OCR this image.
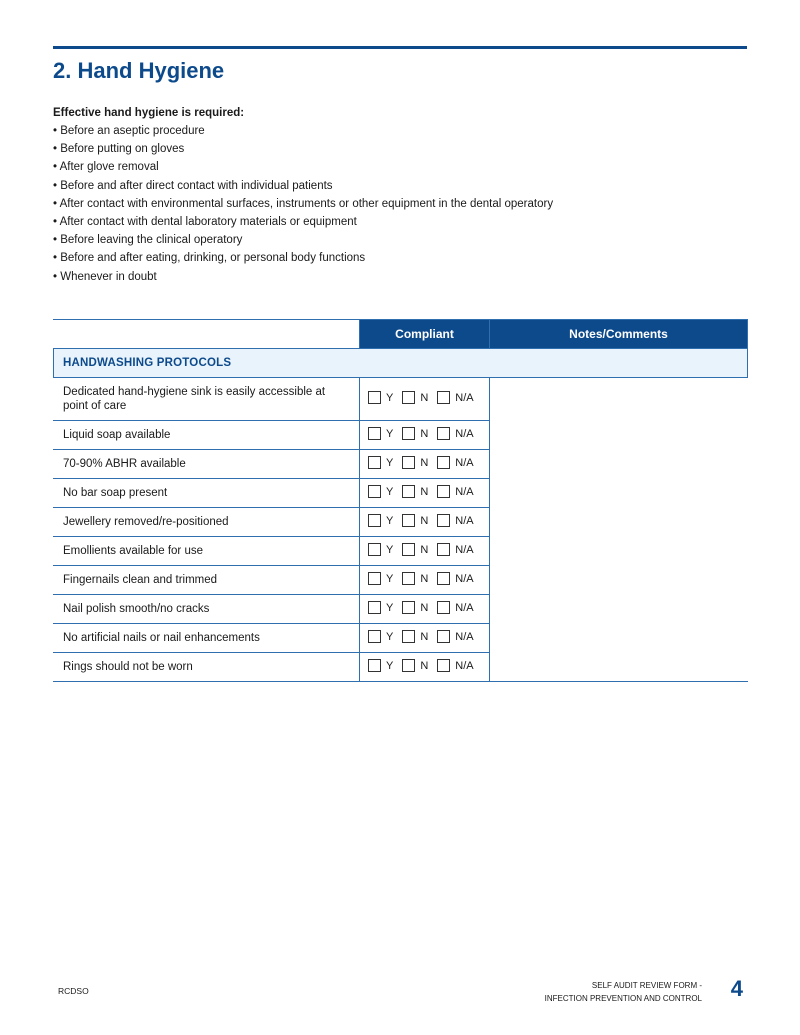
2. Hand Hygiene

Effective hand hygiene is required:

• Before an aseptic procedure
• Before putting on gloves
• After glove removal
• Before and after direct contact with individual patients
• After contact with environmental surfaces, instruments or other equipment in the dental operatory
• After contact with dental laboratory materials or equipment
• Before leaving the clinical operatory
• Before and after eating, drinking, or personal body functions
• Whenever in doubt
	Compliant	Notes/Comments
HANDWASHING PROTOCOLS		
Dedicated hand-hygiene sink is easily accessible at point of care	Y N N/A	

Liquid soap available	Y N N/A	

70-90% ABHR available	Y N N/A	

No bar soap present	Y N N/A	

Jewellery removed/re-positioned	Y N N/A	

Emollients available for use	Y N N/A	

Fingernails clean and trimmed	Y N N/A	

Nail polish smooth/no cracks	Y N N/A	

No artificial nails or nail enhancements	Y N N/A	

Rings should not be worn	Y N N/A	
RCDSO
SELF AUDIT REVIEW FORM -
INFECTION PREVENTION AND CONTROL 4
